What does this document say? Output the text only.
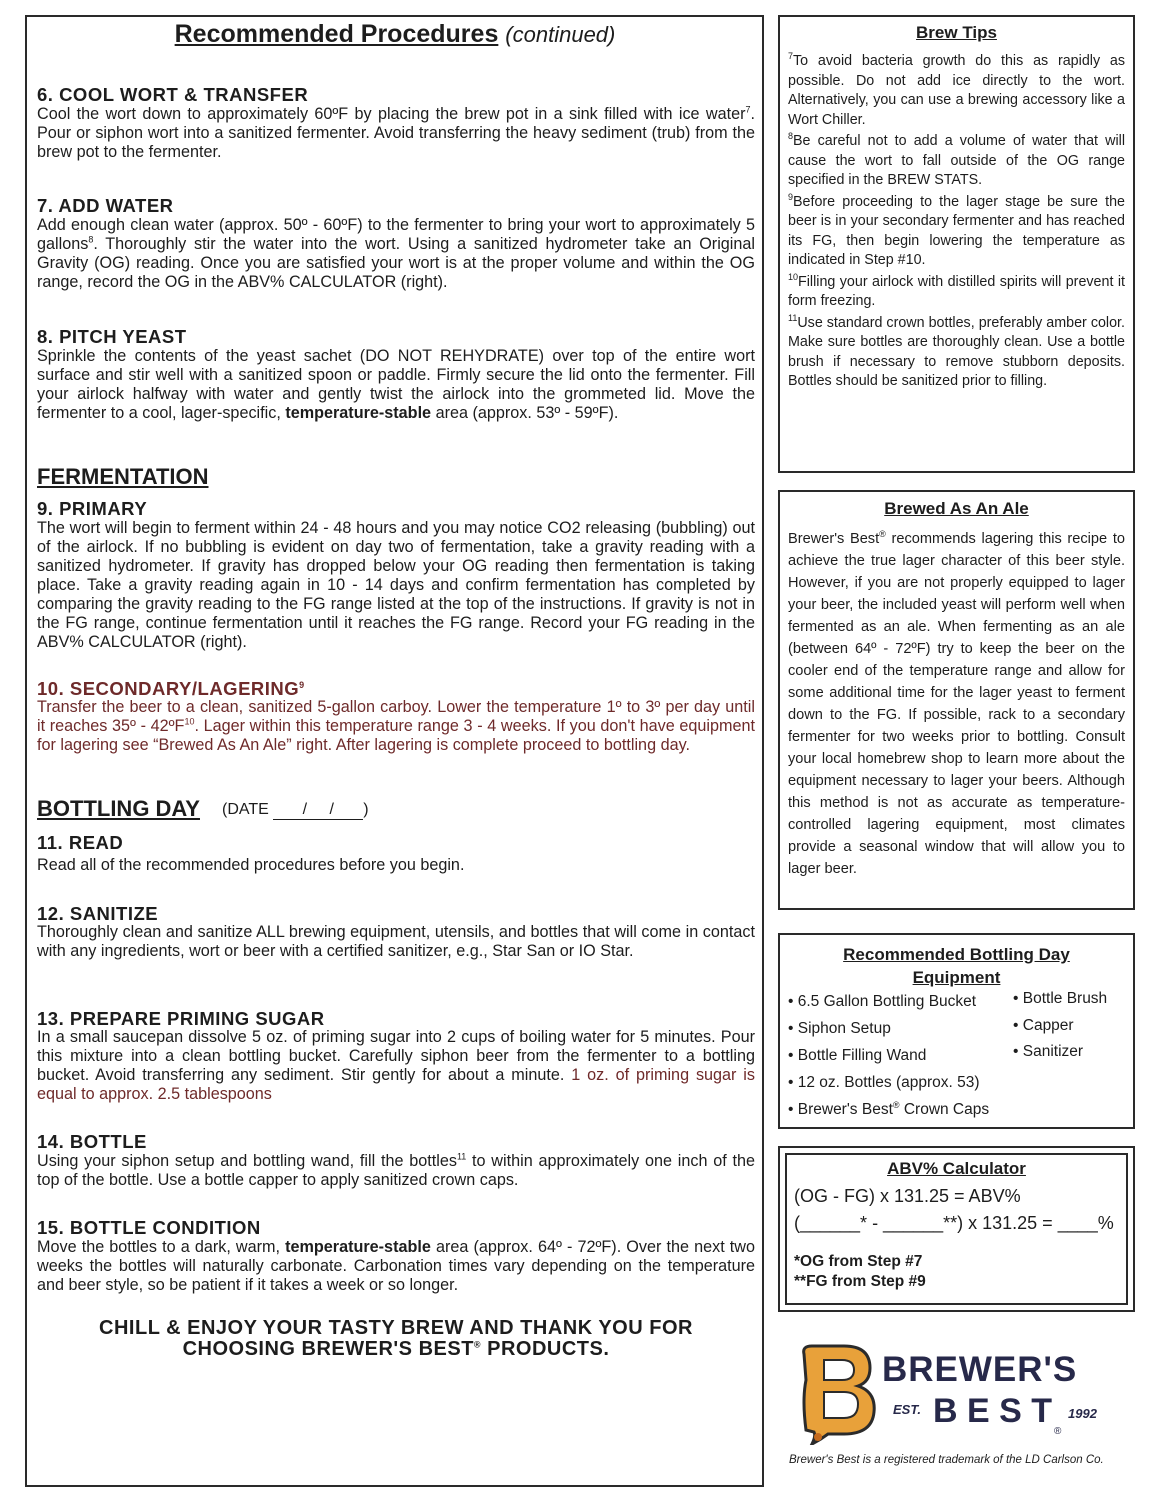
Recommended Procedures (continued)
6. COOL WORT & TRANSFER
Cool the wort down to approximately 60ºF by placing the brew pot in a sink filled with ice water$^7$. Pour or siphon wort into a sanitized fermenter. Avoid transferring the heavy sediment (trub) from the brew pot to the fermenter.
7. ADD WATER
Add enough clean water (approx. 50º - 60ºF) to the fermenter to bring your wort to approximately 5 gallons$^8$. Thoroughly stir the water into the wort. Using a sanitized hydrometer take an Original Gravity (OG) reading. Once you are satisfied your wort is at the proper volume and within the OG range, record the OG in the ABV% CALCULATOR (right).
8. PITCH YEAST
Sprinkle the contents of the yeast sachet (DO NOT REHYDRATE) over top of the entire wort surface and stir well with a sanitized spoon or paddle. Firmly secure the lid onto the fermenter. Fill your airlock halfway with water and gently twist the airlock into the grommeted lid. Move the fermenter to a cool, lager-specific, temperature-stable area (approx. 53º - 59ºF).
FERMENTATION
9. PRIMARY
The wort will begin to ferment within 24 - 48 hours and you may notice CO2 releasing (bubbling) out of the airlock. If no bubbling is evident on day two of fermentation, take a gravity reading with a sanitized hydrometer. If gravity has dropped below your OG reading then fermentation is taking place. Take a gravity reading again in 10 - 14 days and confirm fermentation has completed by comparing the gravity reading to the FG range listed at the top of the instructions. If gravity is not in the FG range, continue fermentation until it reaches the FG range. Record your FG reading in the ABV% CALCULATOR (right).
10. SECONDARY/LAGERING$^9$
Transfer the beer to a clean, sanitized 5-gallon carboy. Lower the temperature 1º to 3º per day until it reaches 35º - 42ºF$^{10}$. Lager within this temperature range 3 - 4 weeks. If you don't have equipment for lagering see “Brewed As An Ale” right. After lagering is complete proceed to bottling day.
BOTTLING DAY (DATE / / )
11. READ
Read all of the recommended procedures before you begin.
12. SANITIZE
Thoroughly clean and sanitize ALL brewing equipment, utensils, and bottles that will come in contact with any ingredients, wort or beer with a certified sanitizer, e.g., Star San or IO Star.
13. PREPARE PRIMING SUGAR
In a small saucepan dissolve 5 oz. of priming sugar into 2 cups of boiling water for 5 minutes. Pour this mixture into a clean bottling bucket. Carefully siphon beer from the fermenter to a bottling bucket. Avoid transferring any sediment. Stir gently for about a minute. 1 oz. of priming sugar is equal to approx. 2.5 tablespoons
14. BOTTLE
Using your siphon setup and bottling wand, fill the bottles$^{11}$ to within approximately one inch of the top of the bottle. Use a bottle capper to apply sanitized crown caps.
15. BOTTLE CONDITION
Move the bottles to a dark, warm, temperature-stable area (approx. 64º - 72ºF). Over the next two weeks the bottles will naturally carbonate. Carbonation times vary depending on the temperature and beer style, so be patient if it takes a week or so longer.
CHILL & ENJOY YOUR TASTY BREW AND THANK YOU FOR
CHOOSING BREWER'S BEST® PRODUCTS.
Brew Tips

$^7$To avoid bacteria growth do this as rapidly as possible. Do not add ice directly to the wort. Alternatively, you can use a brewing accessory like a Wort Chiller.

$^8$Be careful not to add a volume of water that will cause the wort to fall outside of the OG range specified in the BREW STATS.

$^9$Before proceeding to the lager stage be sure the beer is in your secondary fermenter and has reached its FG, then begin lowering the temperature as indicated in Step #10.

$^{10}$Filling your airlock with distilled spirits will prevent it form freezing.

$^{11}$Use standard crown bottles, preferably amber color. Make sure bottles are thoroughly clean. Use a bottle brush if necessary to remove stubborn deposits. Bottles should be sanitized prior to filling.

Brewed As An Ale
Brewer's Best® recommends lagering this recipe to achieve the true lager character of this beer style. However, if you are not properly equipped to lager your beer, the included yeast will perform well when fermented as an ale. When fermenting as an ale (between 64º - 72ºF) try to keep the beer on the cooler end of the temperature range and allow for some additional time for the lager yeast to ferment down to the FG. If possible, rack to a secondary fermenter for two weeks prior to bottling. Consult your local homebrew shop to learn more about the equipment necessary to lager your beers. Although this method is not as accurate as temperature-controlled lagering equipment, most climates provide a seasonal window that will allow you to lager beer.
Recommended Bottling Day
Equipment
• 6.5 Gallon Bottling Bucket
• Siphon Setup
• Bottle Filling Wand
• 12 oz. Bottles (approx. 53)
• Brewer's Best® Crown Caps
• Bottle Brush
• Capper
• Sanitizer
ABV% Calculator
(OG - FG) x 131.25 = ABV%
(______* - ______**) x 131.25 = ____%
*OG from Step #7
**FG from Step #9
BREWER'S
EST. B E S T 1992
®
Brewer's Best is a registered trademark of the LD Carlson Co.
